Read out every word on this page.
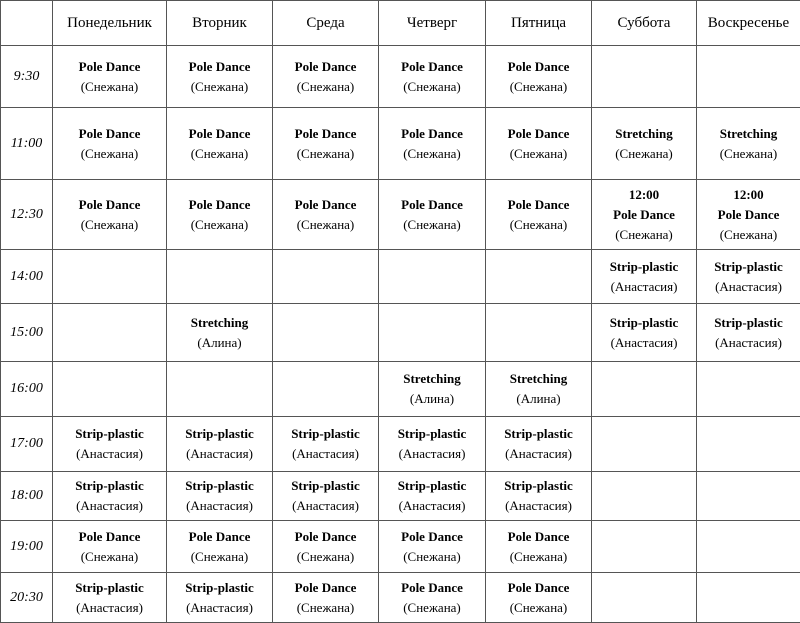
	Понедельник	Вторник	Среда	Четверг	Пятница	Суббота	Воскресенье
9:30	Pole Dance
(Снежана)	Pole Dance
(Снежана)	Pole Dance
(Снежана)	Pole Dance
(Снежана)	Pole Dance
(Снежана)		

11:00	Pole Dance
(Снежана)	Pole Dance
(Снежана)	Pole Dance
(Снежана)	Pole Dance
(Снежана)	Pole Dance
(Снежана)	Stretching
(Снежана)	Stretching
(Снежана)

12:30	Pole Dance
(Снежана)	Pole Dance
(Снежана)	Pole Dance
(Снежана)	Pole Dance
(Снежана)	Pole Dance
(Снежана)	12:00
Pole Dance
(Снежана)	12:00
Pole Dance
(Снежана)

14:00						Strip-plastic
(Анастасия)	Strip-plastic
(Анастасия)

15:00		Stretching
(Алина)				Strip-plastic
(Анастасия)	Strip-plastic
(Анастасия)

16:00				Stretching
(Алина)	Stretching
(Алина)		

17:00	Strip-plastic
(Анастасия)	Strip-plastic
(Анастасия)	Strip-plastic
(Анастасия)	Strip-plastic
(Анастасия)	Strip-plastic
(Анастасия)		

18:00	Strip-plastic
(Анастасия)	Strip-plastic
(Анастасия)	Strip-plastic
(Анастасия)	Strip-plastic
(Анастасия)	Strip-plastic
(Анастасия)		

19:00	Pole Dance
(Снежана)	Pole Dance
(Снежана)	Pole Dance
(Снежана)	Pole Dance
(Снежана)	Pole Dance
(Снежана)		

20:30	Strip-plastic
(Анастасия)	Strip-plastic
(Анастасия)	Pole Dance
(Снежана)	Pole Dance
(Снежана)	Pole Dance
(Снежана)		
